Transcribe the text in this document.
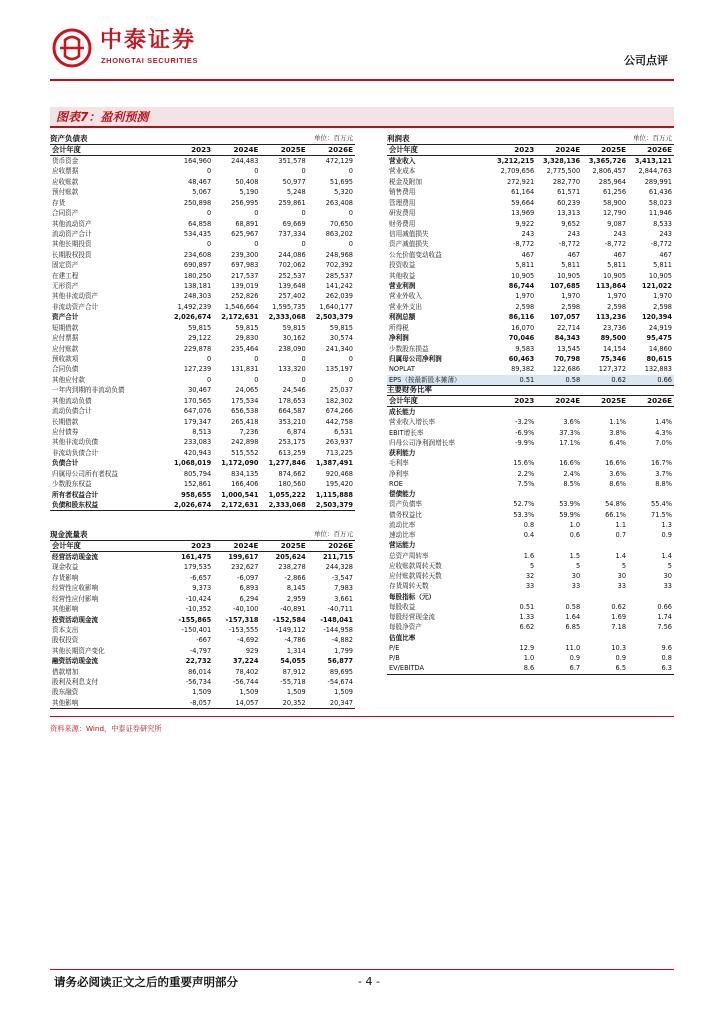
中泰证券
ZHONGTAI SECURITIES	公司点评
图表7：盈利预测
资产负债表	单位：百万元
会计年度	2023	2024E	2025E	2026E
货币资金	164,960	244,483	351,578	472,129
应收票据	0	0	0	0
应收账款	48,467	50,408	50,977	51,695
预付账款	5,067	5,190	5,248	5,320
存货	250,898	256,995	259,861	263,408
合同资产	0	0	0	0
其他流动资产	64,858	68,891	69,669	70,650
流动资产合计	534,435	625,967	737,334	863,202
其他长期投资	0	0	0	0
长期股权投资	234,608	239,300	244,086	248,968
固定资产	690,897	697,983	702,062	702,392
在建工程	180,250	217,537	252,537	285,537
无形资产	138,181	139,019	139,648	141,242
其他非流动资产	248,303	252,826	257,402	262,039
非流动资产合计	1,492,239	1,546,664	1,595,735	1,640,177
资产合计	2,026,674	2,172,631	2,333,068	2,503,379
短期借款	59,815	59,815	59,815	59,815
应付票据	29,122	29,830	30,162	30,574
应付账款	229,878	235,464	238,090	241,340
预收款项	0	0	0	0
合同负债	127,239	131,831	133,320	135,197
其他应付款	0	0	0	0
一年内到期的非流动负债	30,467	24,065	24,546	25,037
其他流动负债	170,565	175,534	178,653	182,302
流动负债合计	647,076	656,538	664,587	674,266
长期借款	179,347	265,418	353,210	442,758
应付债券	8,513	7,236	6,874	6,531
其他非流动负债	233,083	242,898	253,175	263,937
非流动负债合计	420,943	515,552	613,259	713,225
负债合计	1,068,019	1,172,090	1,277,846	1,387,491
归属母公司所有者权益	805,794	834,135	874,662	920,468
少数股东权益	152,861	166,406	180,560	195,420
所有者权益合计	958,655	1,000,541	1,055,222	1,115,888
负债和股东权益	2,026,674	2,172,631	2,333,068	2,503,379
利润表	单位：百万元
会计年度	2023	2024E	2025E	2026E
营业收入	3,212,215	3,328,136	3,365,726	3,413,121
营业成本	2,709,656	2,775,500	2,806,457	2,844,763
税金及附加	272,921	282,770	285,964	289,991
销售费用	61,164	61,571	61,256	61,436
管理费用	59,664	60,239	58,900	58,023
研发费用	13,969	13,313	12,790	11,946
财务费用	9,922	9,652	9,087	8,533
信用减值损失	243	243	243	243
资产减值损失	-8,772	-8,772	-8,772	-8,772
公允价值变动收益	467	467	467	467
投资收益	5,811	5,811	5,811	5,811
其他收益	10,905	10,905	10,905	10,905
营业利润	86,744	107,685	113,864	121,022
营业外收入	1,970	1,970	1,970	1,970
营业外支出	2,598	2,598	2,598	2,598
利润总额	86,116	107,057	113,236	120,394
所得税	16,070	22,714	23,736	24,919
净利润	70,046	84,343	89,500	95,475
少数股东损益	9,583	13,545	14,154	14,860
归属母公司净利润	60,463	70,798	75,346	80,615
NOPLAT	89,382	122,686	127,372	132,883
EPS（按最新股本摊薄）	0.51	0.58	0.62	0.66
主要财务比率
会计年度	2023	2024E	2025E	2026E
成长能力				
营业收入增长率	-3.2%	3.6%	1.1%	1.4%
EBIT增长率	-6.9%	37.3%	3.8%	4.3%
归母公司净利润增长率	-9.9%	17.1%	6.4%	7.0%
获利能力				
毛利率	15.6%	16.6%	16.6%	16.7%
净利率	2.2%	2.4%	3.6%	3.7%
ROE	7.5%	8.5%	8.6%	8.8%
偿债能力				
资产负债率	52.7%	53.9%	54.8%	55.4%
债务权益比	53.3%	59.9%	66.1%	71.5%
流动比率	0.8	1.0	1.1	1.3
速动比率	0.4	0.6	0.7	0.9
营运能力				
总资产周转率	1.6	1.5	1.4	1.4
应收账款周转天数	5	5	5	5
应付账款周转天数	32	30	30	30
存货周转天数	33	33	33	33
每股指标（元）				
每股收益	0.51	0.58	0.62	0.66
每股经营现金流	1.33	1.64	1.69	1.74
每股净资产	6.62	6.85	7.18	7.56
估值比率				
P/E	12.9	11.0	10.3	9.6
P/B	1.0	0.9	0.9	0.8
EV/EBITDA	8.6	6.7	6.5	6.3
现金流量表	单位：百万元
会计年度	2023	2024E	2025E	2026E
经营活动现金流	161,475	199,617	205,624	211,715
现金收益	179,535	232,627	238,278	244,328
存货影响	-6,657	-6,097	-2,866	-3,547
经营性应收影响	9,373	6,893	8,145	7,983
经营性应付影响	-10,424	6,294	2,959	3,661
其他影响	-10,352	-40,100	-40,891	-40,711
投资活动现金流	-155,865	-157,318	-152,584	-148,041
资本支出	-150,401	-153,555	-149,112	-144,958
股权投资	-667	-4,692	-4,786	-4,882
其他长期资产变化	-4,797	929	1,314	1,799
融资活动现金流	22,732	37,224	54,055	56,877
借款增加	86,014	78,402	87,912	89,695
股利及利息支付	-56,734	-56,744	-55,718	-54,674
股东融资	1,509	1,509	1,509	1,509
其他影响	-8,057	14,057	20,352	20,347
资料来源：Wind，中泰证券研究所
请务必阅读正文之后的重要声明部分	- 4 -
